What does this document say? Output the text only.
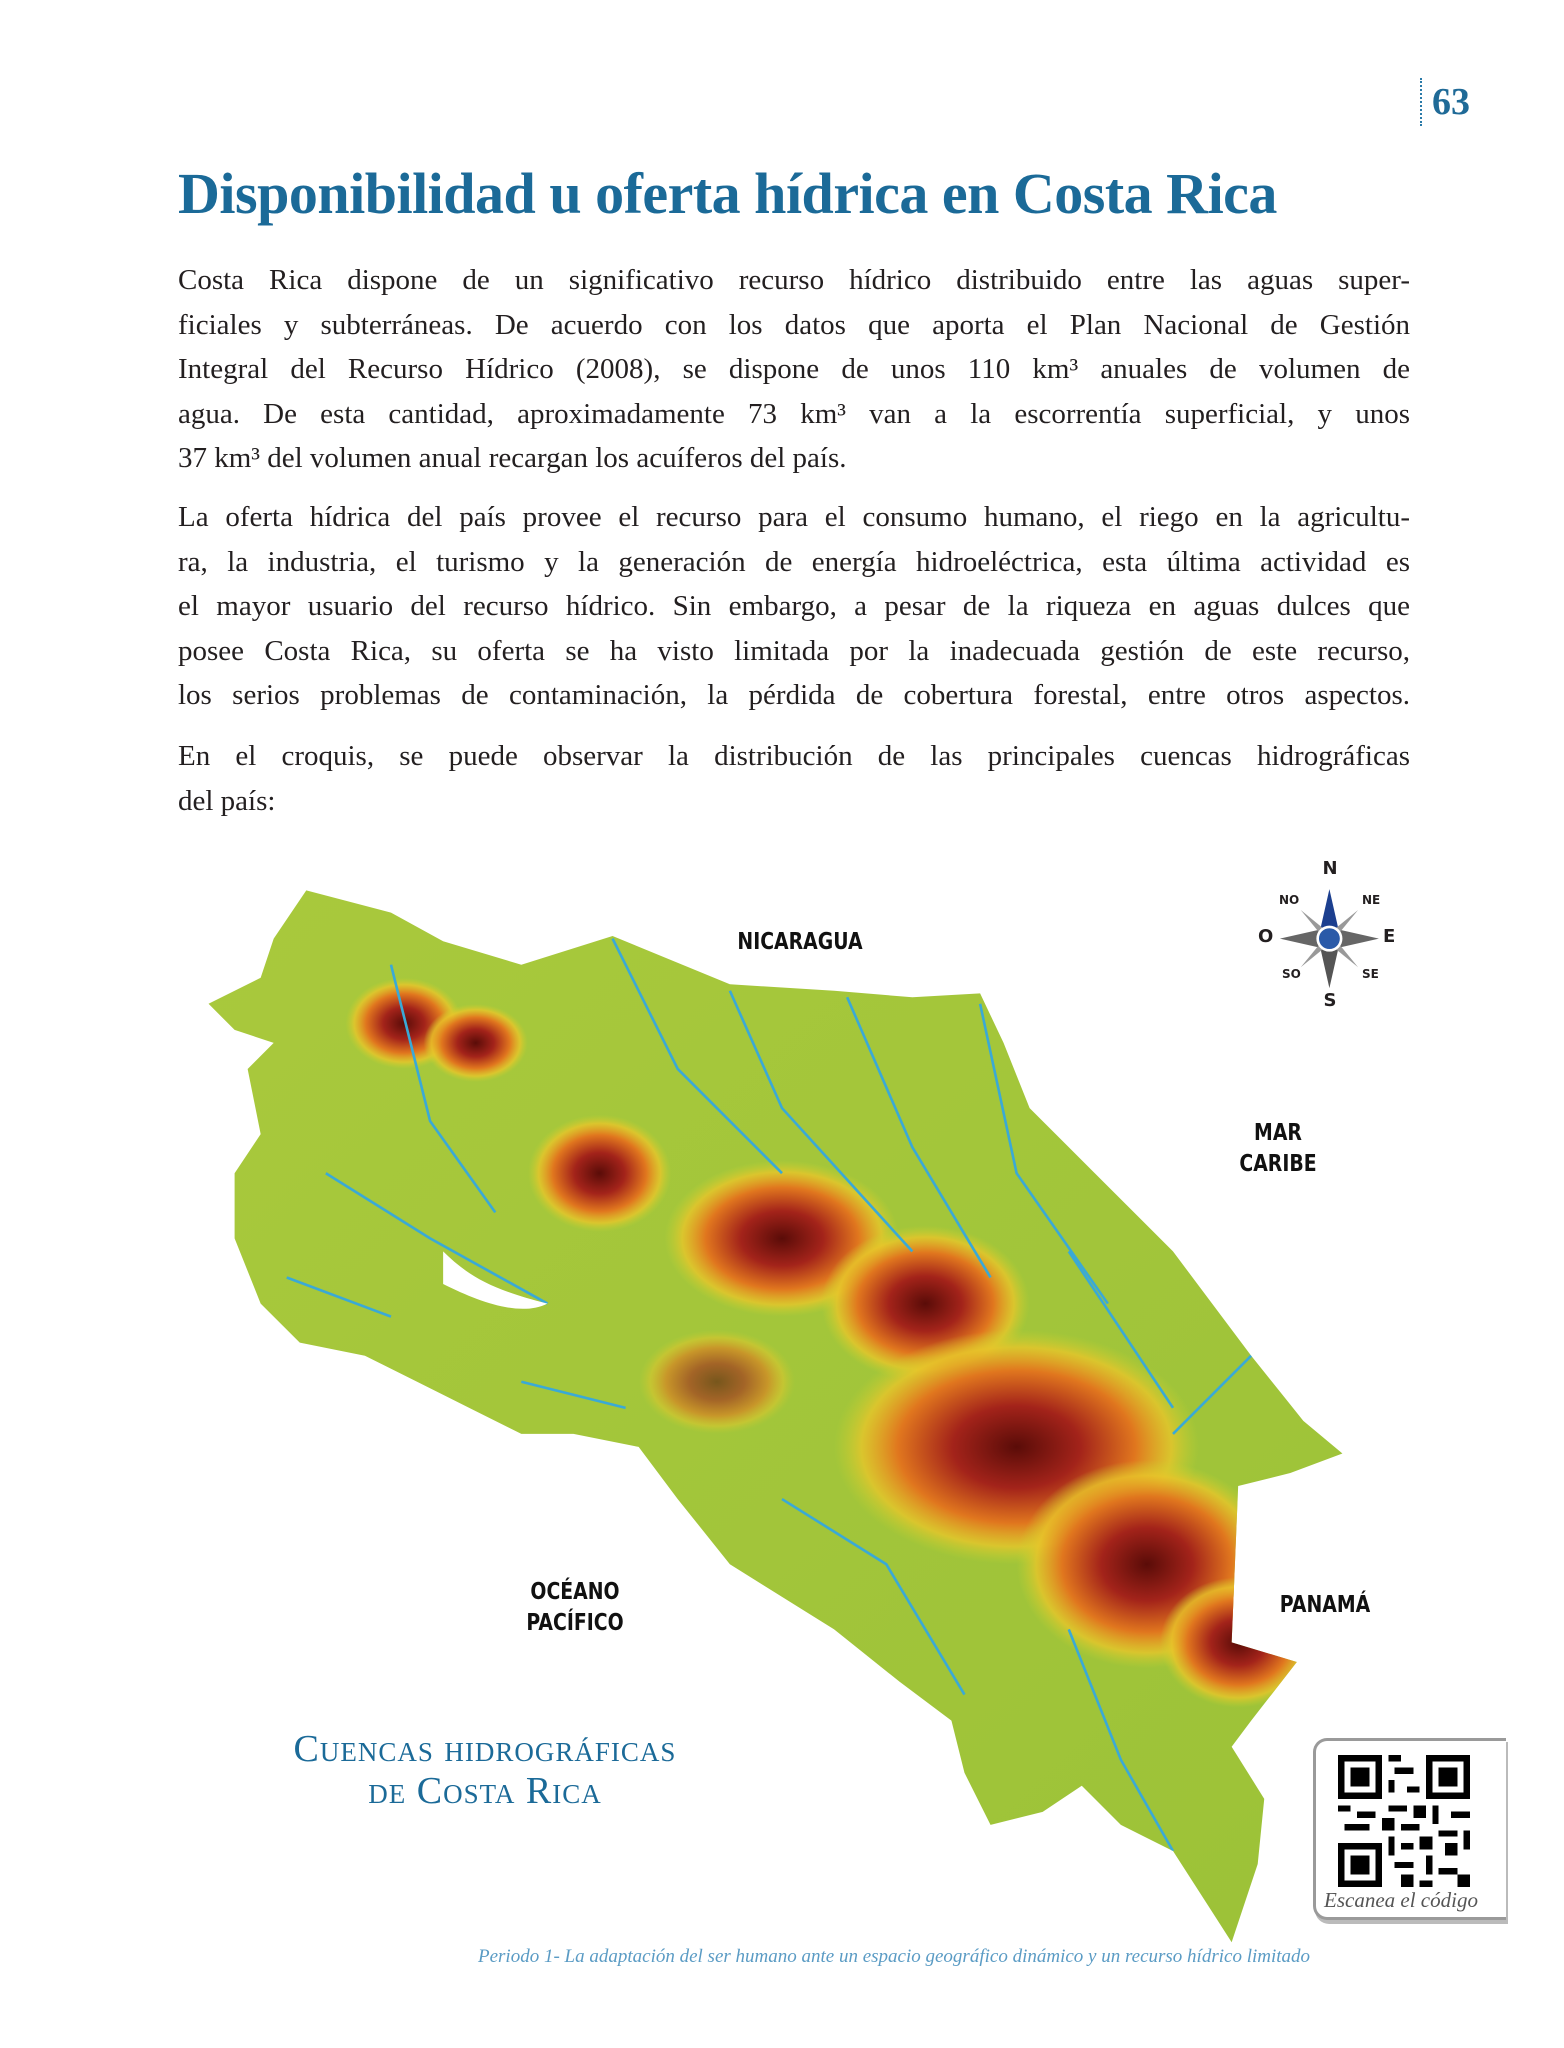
63
Disponibilidad u oferta hídrica en Costa Rica
Costa Rica dispone de un significativo recurso hídrico distribuido entre las aguas super-
ficiales y subterráneas. De acuerdo con los datos que aporta el Plan Nacional de Gestión
Integral del Recurso Hídrico (2008), se dispone de unos 110 km³ anuales de volumen de
agua. De esta cantidad, aproximadamente 73 km³ van a la escorrentía superficial, y unos
37 km³ del volumen anual recargan los acuíferos del país.
La oferta hídrica del país provee el recurso para el consumo humano, el riego en la agricultu-
ra, la industria, el turismo y la generación de energía hidroeléctrica, esta última actividad es
el mayor usuario del recurso hídrico. Sin embargo, a pesar de la riqueza en aguas dulces que
posee Costa Rica, su oferta se ha visto limitada por la inadecuada gestión de este recurso,
los serios problemas de contaminación, la pérdida de cobertura forestal, entre otros aspectos.
En el croquis, se puede observar la distribución de las principales cuencas hidrográficas
del país:
NICARAGUA
MAR
CARIBE
OCÉANO
PACÍFICO
PANAMÁ
N
S
E
O
NO	NE
SO	SE
Cuencas hidrográficas
de Costa Rica
Escanea el código
Periodo 1- La adaptación del ser humano ante un espacio geográfico dinámico y un recurso hídrico limitado
